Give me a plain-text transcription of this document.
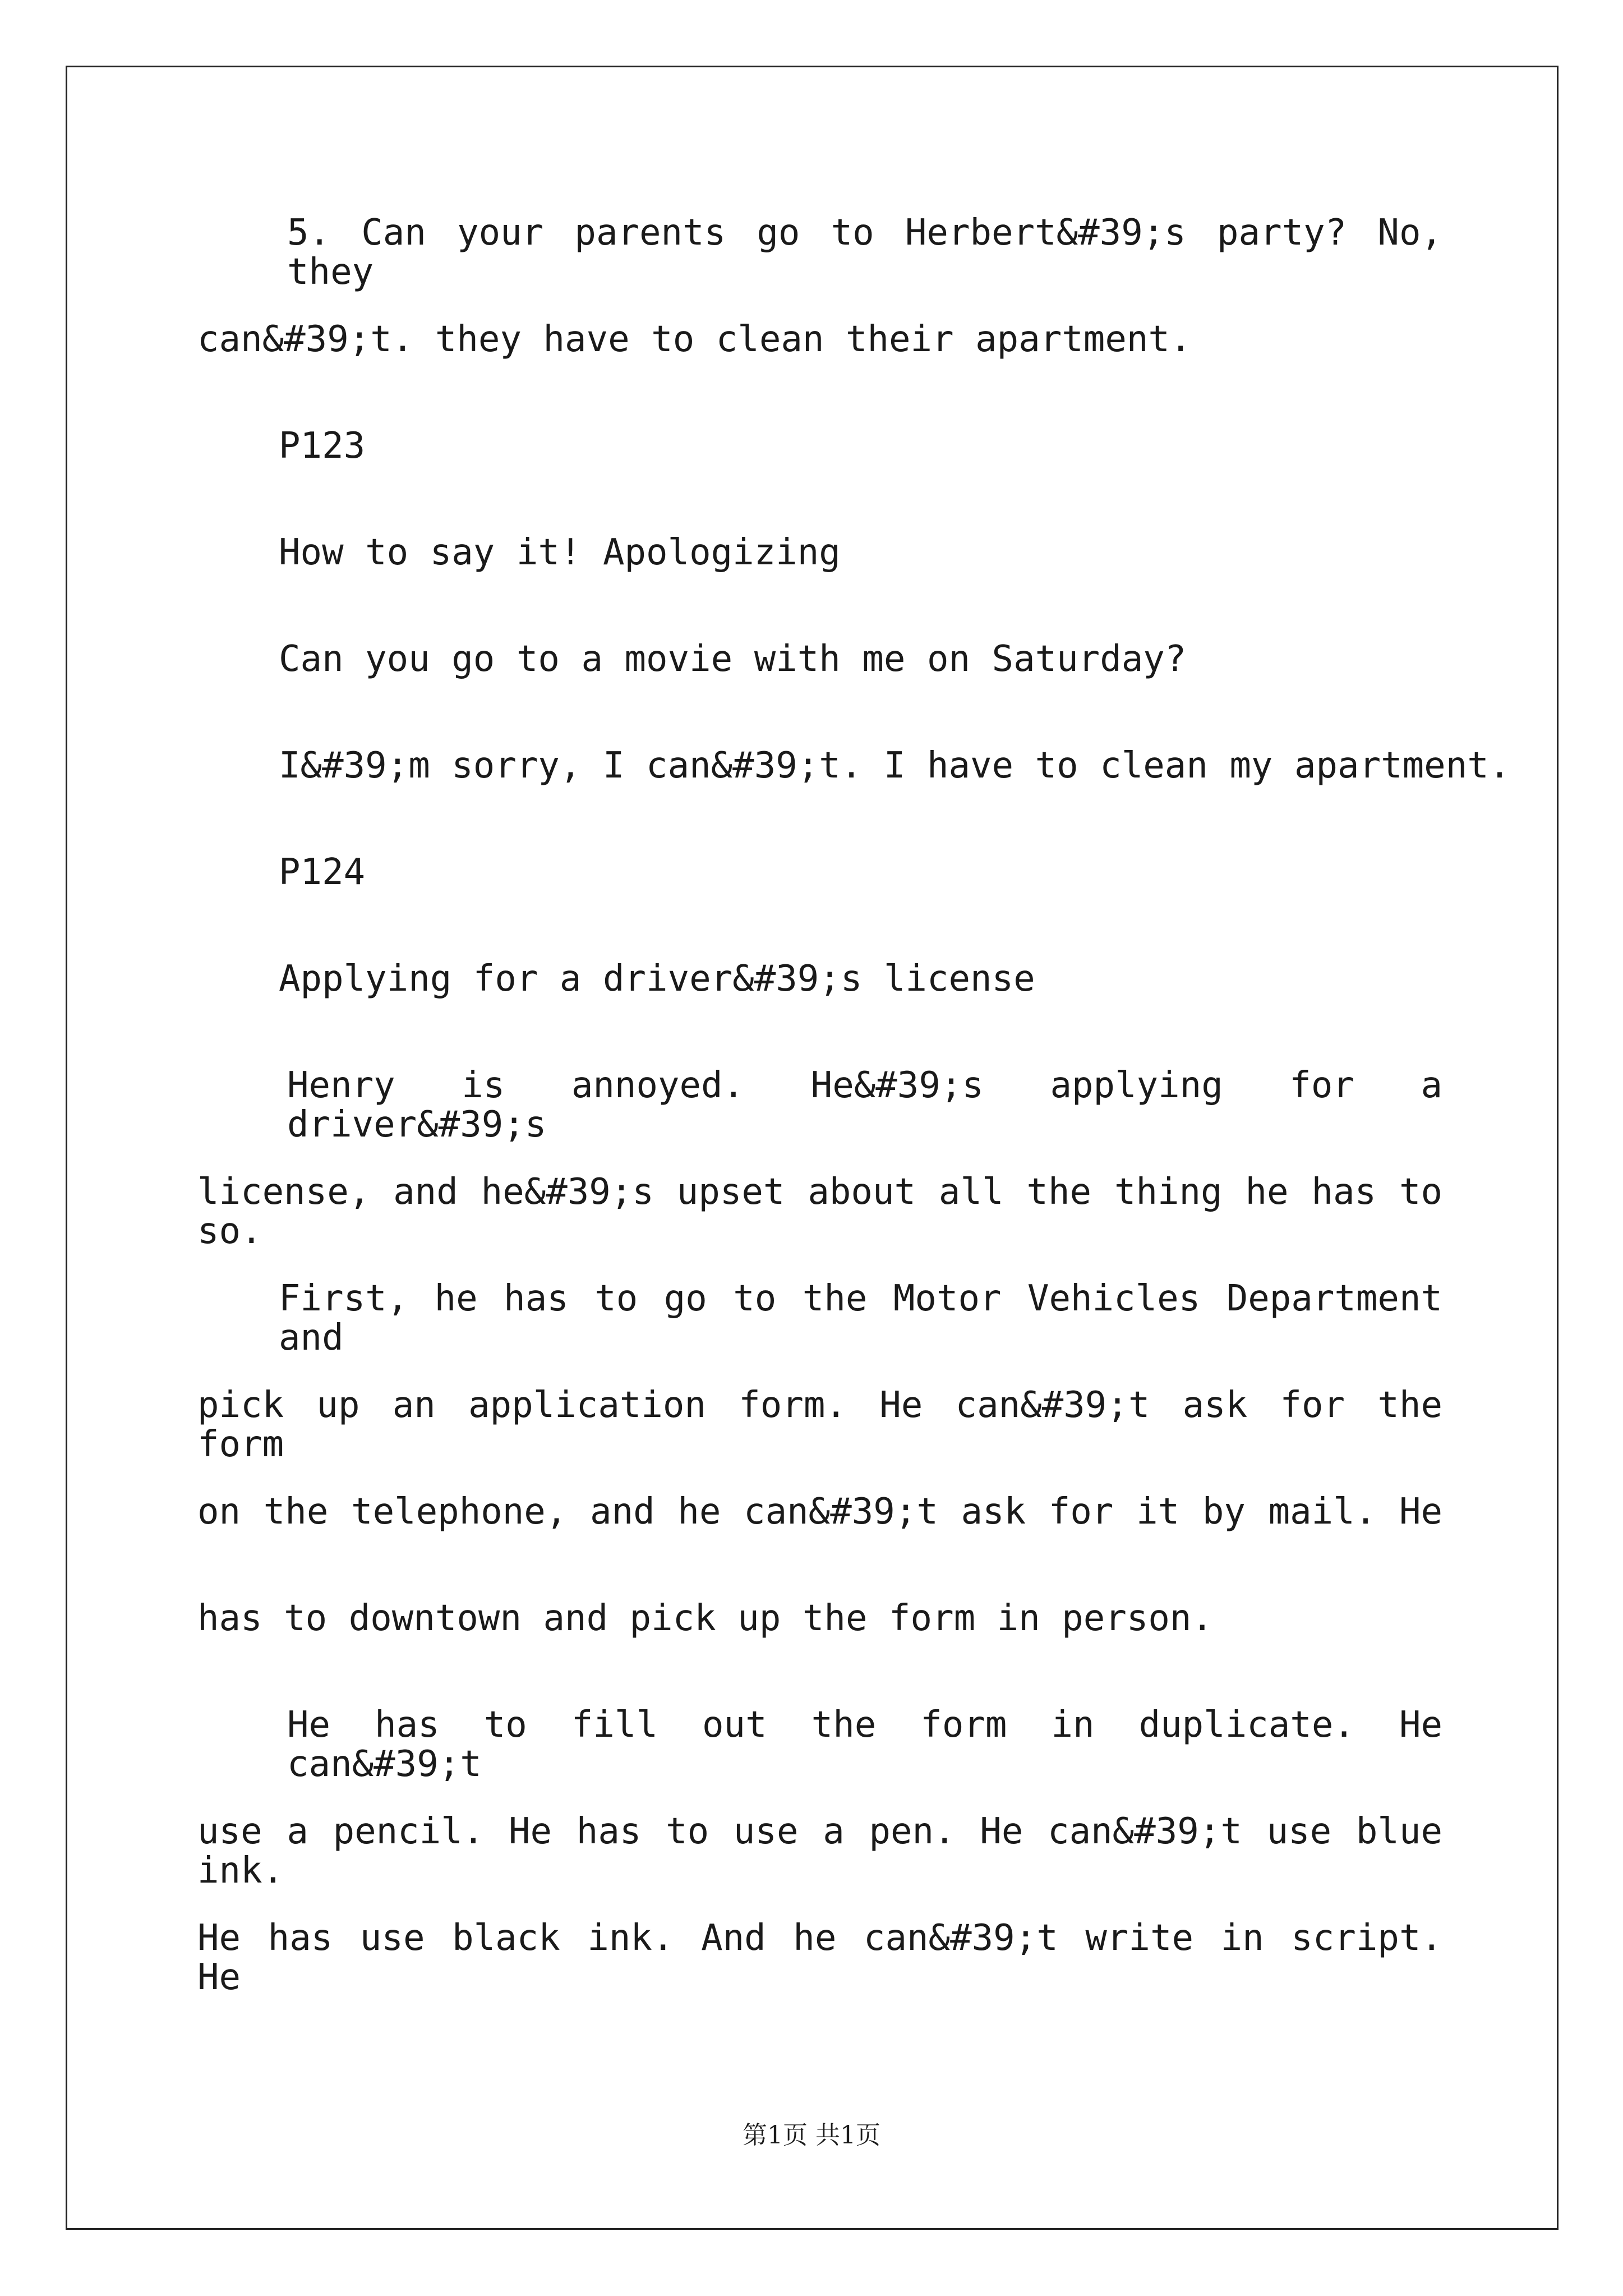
5. Can your parents go to Herbert&#39;s party? No, they
can&#39;t. they have to clean their apartment.
P123
How to say it! Apologizing
Can you go to a movie with me on Saturday?
I&#39;m sorry, I can&#39;t. I have to clean my apartment.
P124
Applying for a driver&#39;s license
Henry is annoyed. He&#39;s applying for a driver&#39;s
license, and he&#39;s upset about all the thing he has to so.
First, he has to go to the Motor Vehicles Department and
pick up an application form. He can&#39;t ask for the form
on the telephone, and he can&#39;t ask for it by mail. He
has to downtown and pick up the form in person.
He has to fill out the form in duplicate. He can&#39;t
use a pencil. He has to use a pen. He can&#39;t use blue ink.
He has use black ink. And he can&#39;t write in script. He
第1页 共1页
